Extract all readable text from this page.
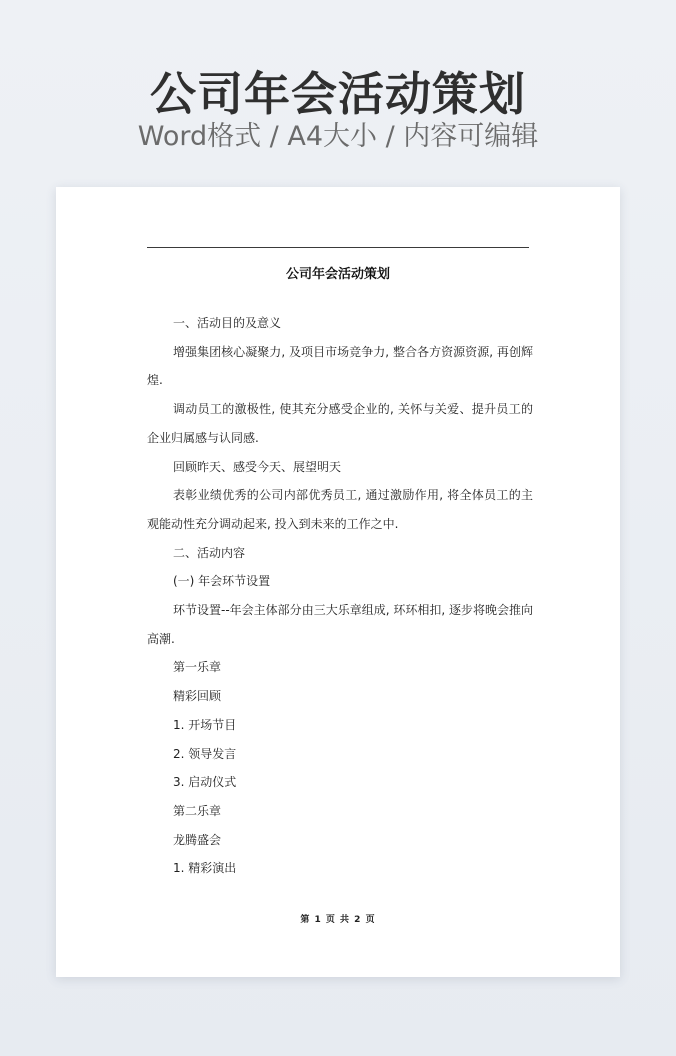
公司年会活动策划
Word格式 / A4大小 / 内容可编辑
公司年会活动策划

一、活动目的及意义

增强集团核心凝聚力, 及项目市场竞争力, 整合各方资源资源, 再创辉煌.

调动员工的激极性, 使其充分感受企业的, 关怀与关爱、提升员工的企业归属感与认同感.

回顾昨天、感受今天、展望明天

表彰业绩优秀的公司内部优秀员工, 通过激励作用, 将全体员工的主观能动性充分调动起来, 投入到未来的工作之中.

二、活动内容

(一) 年会环节设置

环节设置--年会主体部分由三大乐章组成, 环环相扣, 逐步将晚会推向高潮.

第一乐章

精彩回顾

1. 开场节目

2. 领导发言

3. 启动仪式

第二乐章

龙腾盛会

1. 精彩演出

第 1 页 共 2 页
